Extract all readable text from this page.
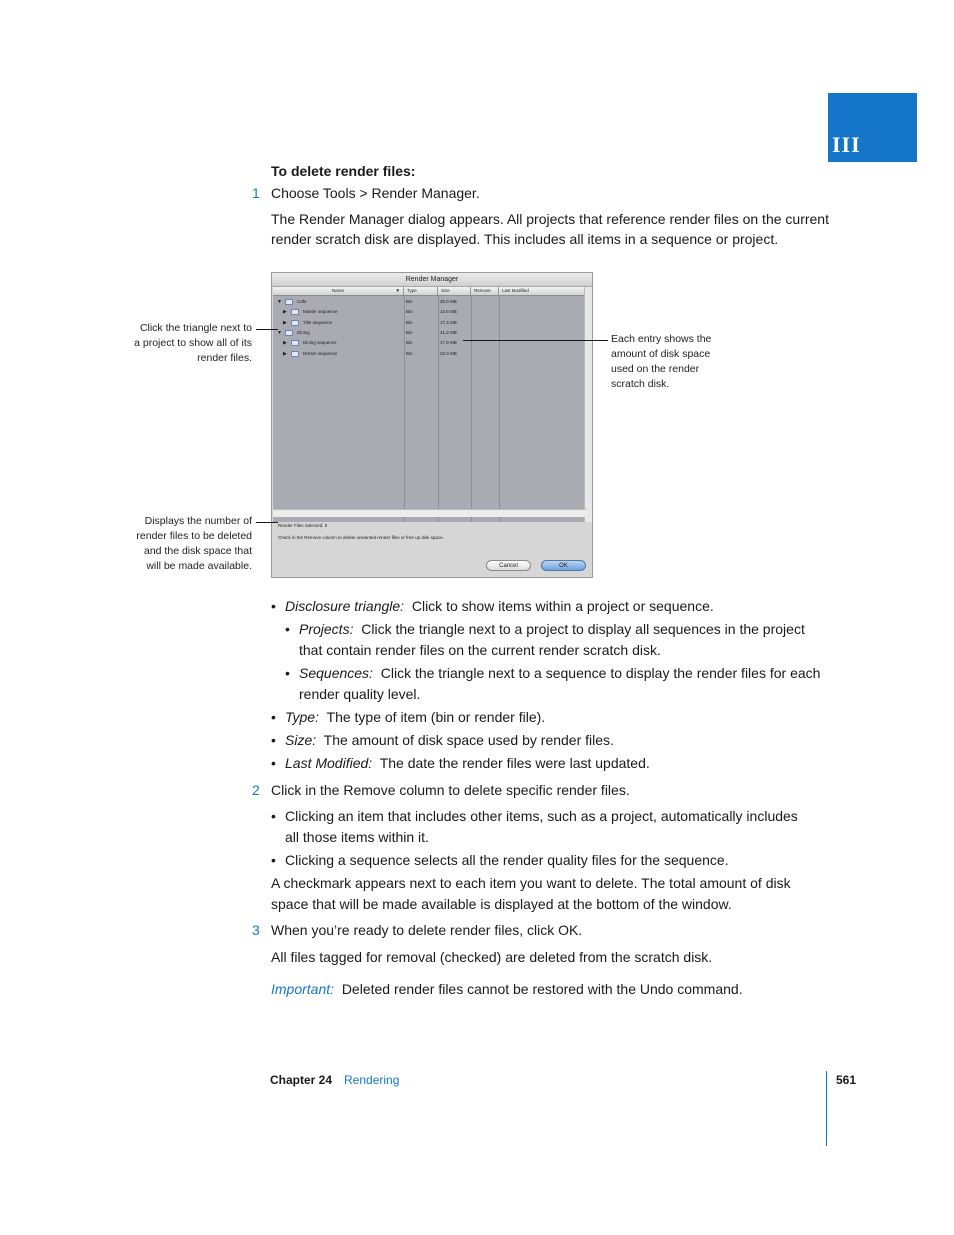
III
To delete render files:
1 Choose Tools > Render Manager.
The Render Manager dialog appears. All projects that reference render files on the current
render scratch disk are displayed. This includes all items in a sequence or project.
Render Manager
Name	▼	Type	Size	Remove	Last Modified
▼	Cafe	Bin	30.0 MB
▶	Master sequence	Bin	12.6 MB
▶	Title sequence	Bin	17.4 MB
▼	Dining	Bin	41.2 MB
▶	Dining sequence	Bin	17.9 MB
▶	Dream sequence	Bin	23.3 MB
Render Files Selected: 0
Check in the Remove column to delete unwanted render files or free up disk space.
Cancel	OK
Click the triangle next to
a project to show all of its
render files.
Each entry shows the
amount of disk space
used on the render
scratch disk.
Displays the number of
render files to be deleted
and the disk space that
will be made available.
• Disclosure triangle: Click to show items within a project or sequence.
• Projects: Click the triangle next to a project to display all sequences in the project
that contain render files on the current render scratch disk.
• Sequences: Click the triangle next to a sequence to display the render files for each
render quality level.
• Type: The type of item (bin or render file).
• Size: The amount of disk space used by render files.
• Last Modified: The date the render files were last updated.
2 Click in the Remove column to delete specific render files.
• Clicking an item that includes other items, such as a project, automatically includes
all those items within it.
• Clicking a sequence selects all the render quality files for the sequence.
A checkmark appears next to each item you want to delete. The total amount of disk
space that will be made available is displayed at the bottom of the window.
3 When you’re ready to delete render files, click OK.
All files tagged for removal (checked) are deleted from the scratch disk.
Important: Deleted render files cannot be restored with the Undo command.
Chapter 24 Rendering	561
